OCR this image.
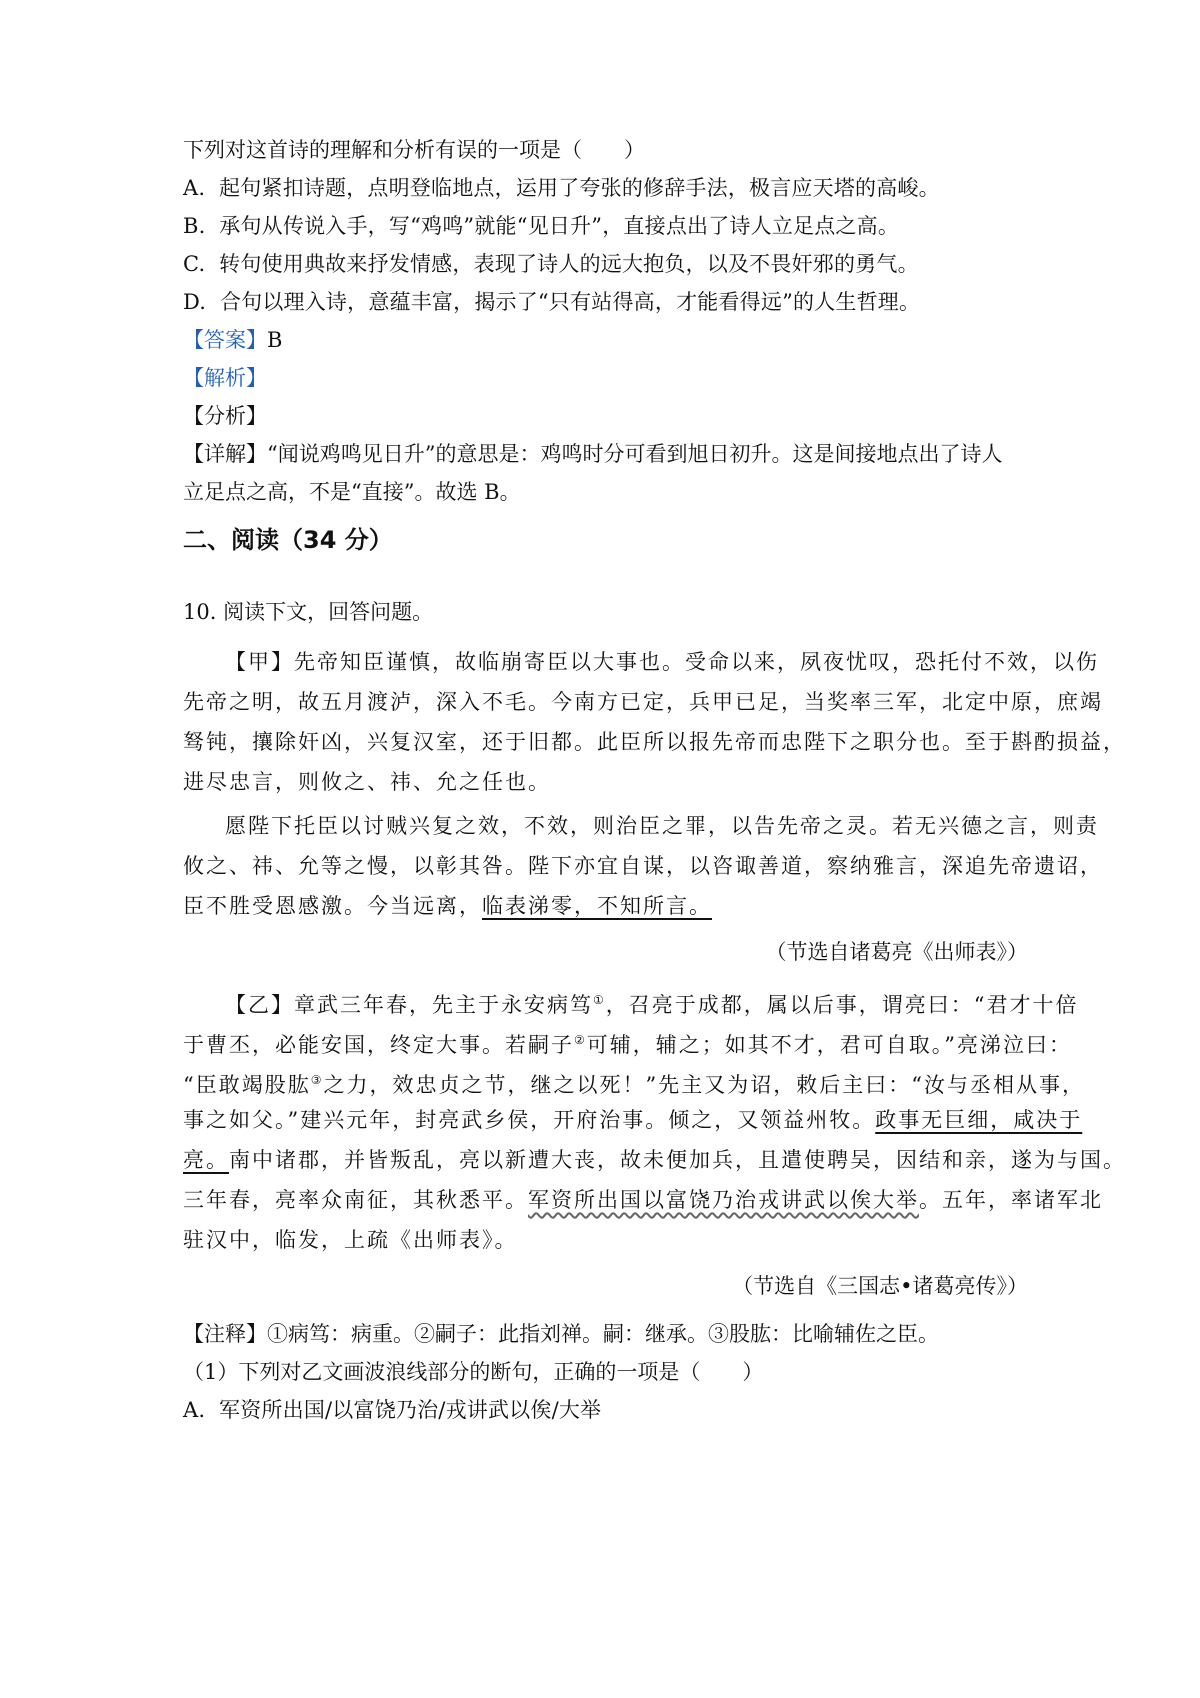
下列对这首诗的理解和分析有误的一项是（　　）
A. 起句紧扣诗题，点明登临地点，运用了夸张的修辞手法，极言应天塔的高峻。
B. 承句从传说入手，写“鸡鸣”就能“见日升”，直接点出了诗人立足点之高。
C. 转句使用典故来抒发情感，表现了诗人的远大抱负，以及不畏奸邪的勇气。
D. 合句以理入诗，意蕴丰富，揭示了“只有站得高，才能看得远”的人生哲理。
【答案】B
【解析】
【分析】
【详解】“闻说鸡鸣见日升”的意思是：鸡鸣时分可看到旭日初升。这是间接地点出了诗人
立足点之高，不是“直接”。故选 B。
二、阅读（34 分）
10. 阅读下文，回答问题。
【甲】先帝知臣谨慎，故临崩寄臣以大事也。受命以来，夙夜忧叹，恐托付不效，以伤
先帝之明，故五月渡泸，深入不毛。今南方已定，兵甲已足，当奖率三军，北定中原，庶竭
驽钝，攘除奸凶，兴复汉室，还于旧都。此臣所以报先帝而忠陛下之职分也。至于斟酌损益，
进尽忠言，则攸之、祎、允之任也。
愿陛下托臣以讨贼兴复之效，不效，则治臣之罪，以告先帝之灵。若无兴德之言，则责
攸之、祎、允等之慢，以彰其咎。陛下亦宜自谋，以咨诹善道，察纳雅言，深追先帝遗诏，
臣不胜受恩感激。今当远离，临表涕零，不知所言。
（节选自诸葛亮《出师表》）
【乙】章武三年春，先主于永安病笃①，召亮于成都，属以后事，谓亮曰：“君才十倍
于曹丕，必能安国，终定大事。若嗣子②可辅，辅之；如其不才，君可自取。”亮涕泣曰：
“臣敢竭股肱③之力，效忠贞之节，继之以死！”先主又为诏，敕后主曰：“汝与丞相从事，
事之如父。”建兴元年，封亮武乡侯，开府治事。倾之，又领益州牧。政事无巨细，咸决于
亮。南中诸郡，并皆叛乱，亮以新遭大丧，故未便加兵，且遣使聘吴，因结和亲，遂为与国。
三年春，亮率众南征，其秋悉平。军资所出国以富饶乃治戎讲武以俟大举。五年，率诸军北
驻汉中，临发，上疏《出师表》。
（节选自《三国志•诸葛亮传》）
【注释】①病笃：病重。②嗣子：此指刘禅。嗣：继承。③股肱：比喻辅佐之臣。
（1）下列对乙文画波浪线部分的断句，正确的一项是（　　）
A. 军资所出国/以富饶乃治/戎讲武以俟/大举
